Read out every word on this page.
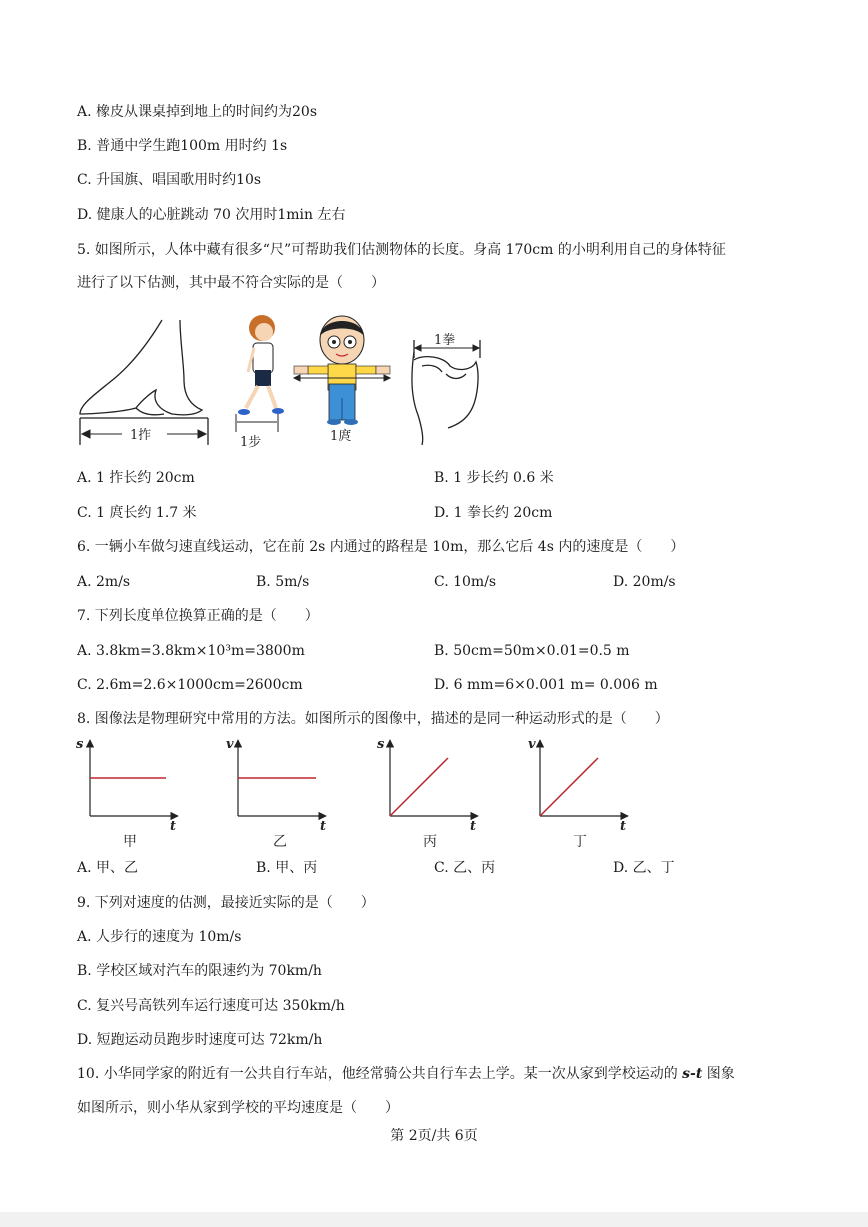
A. 橡皮从课桌掉到地上的时间约为20s
B. 普通中学生跑100m 用时约 1s
C. 升国旗、唱国歌用时约10s
D. 健康人的心脏跳动 70 次用时1min 左右
5. 如图所示，人体中藏有很多“尺”可帮助我们估测物体的长度。身高 170cm 的小明利用自己的身体特征
进行了以下估测，其中最不符合实际的是（　　）
1拃	1步	1庹
1拳
A. 1 拃长约 20cm	B. 1 步长约 0.6 米
C. 1 庹长约 1.7 米	D. 1 拳长约 20cm
6. 一辆小车做匀速直线运动，它在前 2s 内通过的路程是 10m，那么它后 4s 内的速度是（　　）
A. 2m/s	B. 5m/s	C. 10m/s	D. 20m/s
7. 下列长度单位换算正确的是（　　）
A. 3.8km=3.8km×10³m=3800m	B. 50cm=50m×0.01=0.5 m
C. 2.6m=2.6×1000cm=2600cm	D. 6 mm=6×0.001 m= 0.006 m
8. 图像法是物理研究中常用的方法。如图所示的图像中，描述的是同一种运动形式的是（　　）
s
t
甲
v
t
乙
s
t
丙
v
t
丁
A. 甲、乙	B. 甲、丙	C. 乙、丙	D. 乙、丁
9. 下列对速度的估测，最接近实际的是（　　）
A. 人步行的速度为 10m/s
B. 学校区域对汽车的限速约为 70km/h
C. 复兴号高铁列车运行速度可达 350km/h
D. 短跑运动员跑步时速度可达 72km/h
10. 小华同学家的附近有一公共自行车站，他经常骑公共自行车去上学。某一次从家到学校运动的 s-t 图象
如图所示，则小华从家到学校的平均速度是（　　）
第 2页/共 6页
